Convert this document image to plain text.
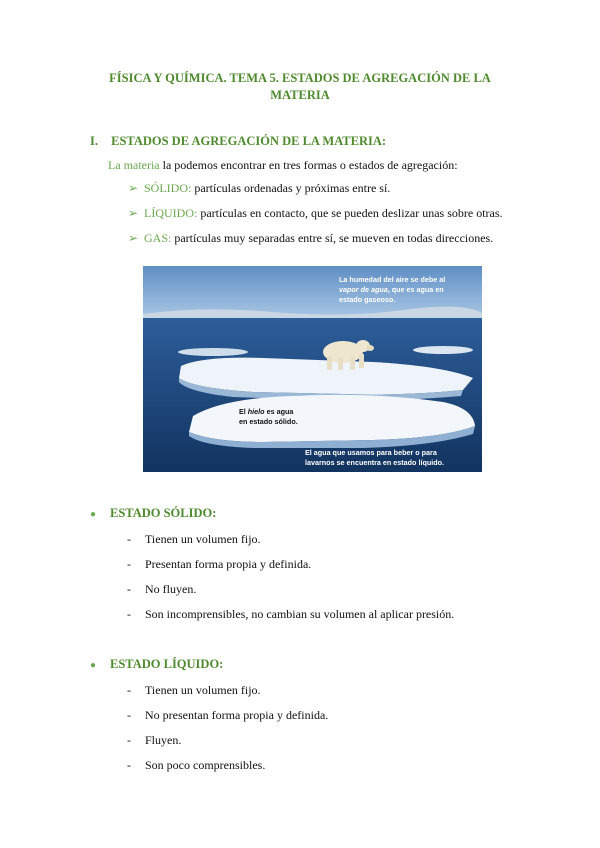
FÍSICA Y QUÍMICA. TEMA 5. ESTADOS DE AGREGACIÓN DE LA
MATERIA
I. ESTADOS DE AGREGACIÓN DE LA MATERIA:
La materia la podemos encontrar en tres formas o estados de agregación:
➢ SÓLIDO: partículas ordenadas y próximas entre sí.
➢ LÍQUIDO: partículas en contacto, que se pueden deslizar unas sobre otras.
➢ GAS: partículas muy separadas entre sí, se mueven en todas direcciones.
La humedad del aire se debe al
vapor de agua, que es agua en
estado gaseoso.
El hielo es agua
en estado sólido.
El agua que usamos para beber o para
lavarnos se encuentra en estado líquido.
● ESTADO SÓLIDO:
- Tienen un volumen fijo.
- Presentan forma propia y definida.
- No fluyen.
- Son incomprensibles, no cambian su volumen al aplicar presión.
● ESTADO LÍQUIDO:
- Tienen un volumen fijo.
- No presentan forma propia y definida.
- Fluyen.
- Son poco comprensibles.
